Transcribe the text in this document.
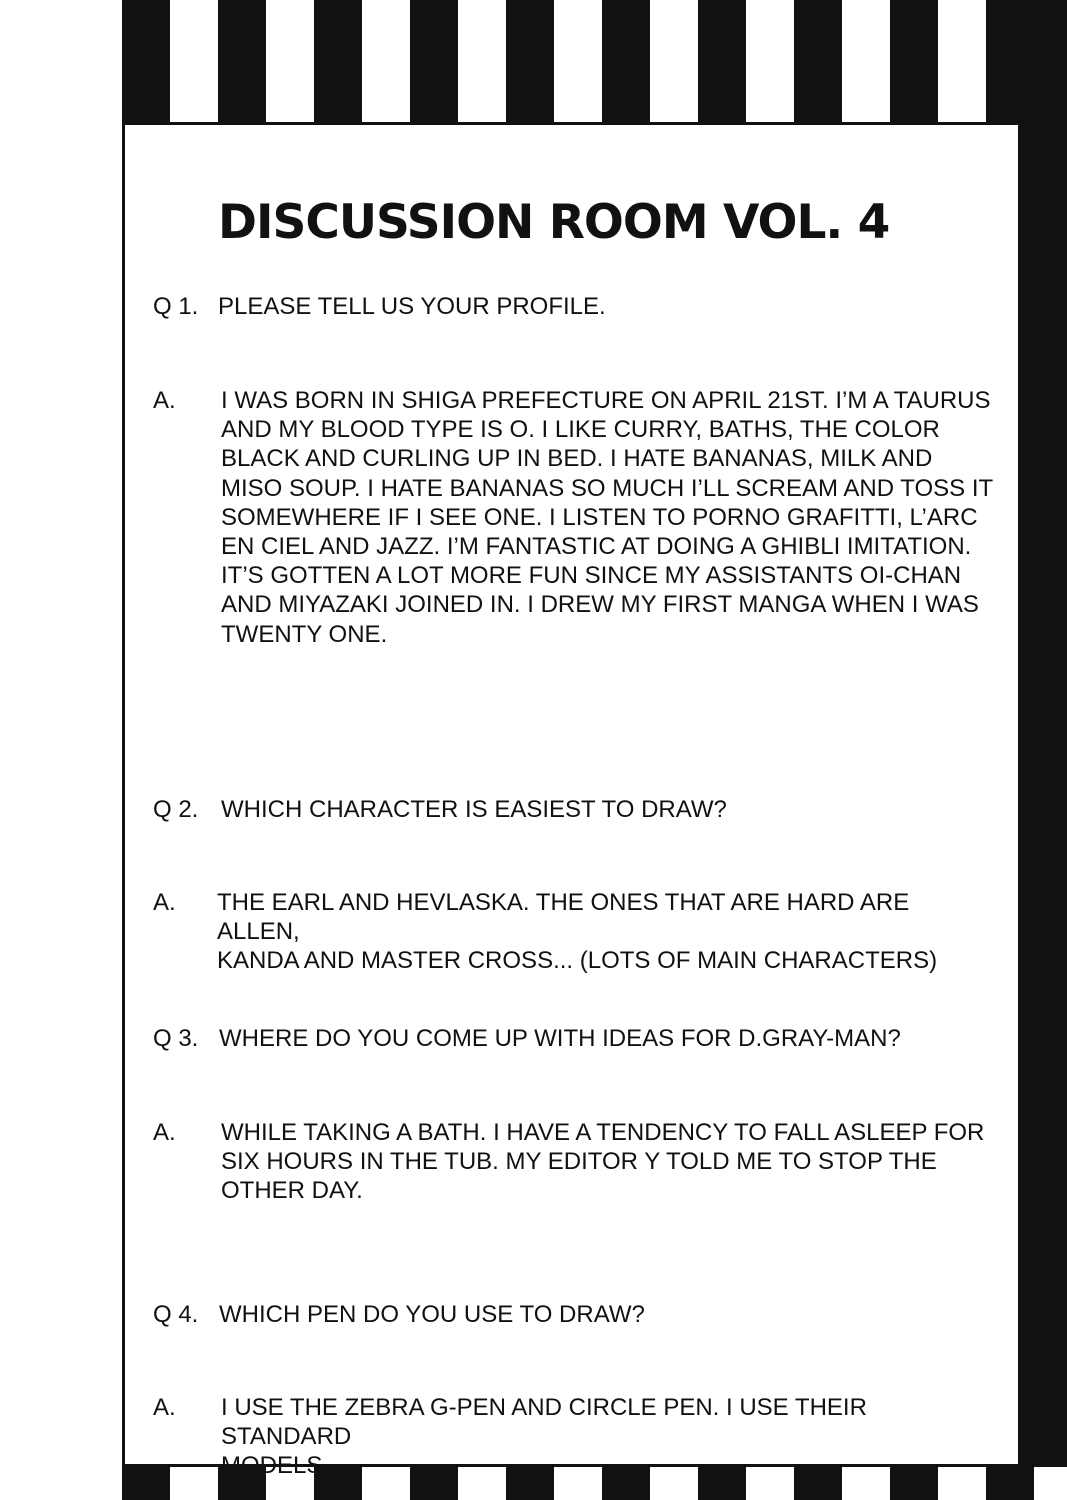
DISCUSSION ROOM VOL. 4
Q 1. PLEASE TELL US YOUR PROFILE.
A. I WAS BORN IN SHIGA PREFECTURE ON APRIL 21ST. I’M A TAURUS
AND MY BLOOD TYPE IS O. I LIKE CURRY, BATHS, THE COLOR
BLACK AND CURLING UP IN BED. I HATE BANANAS, MILK AND
MISO SOUP. I HATE BANANAS SO MUCH I’LL SCREAM AND TOSS IT
SOMEWHERE IF I SEE ONE. I LISTEN TO PORNO GRAFITTI, L’ARC
EN CIEL AND JAZZ. I’M FANTASTIC AT DOING A GHIBLI IMITATION.
IT’S GOTTEN A LOT MORE FUN SINCE MY ASSISTANTS OI-CHAN
AND MIYAZAKI JOINED IN. I DREW MY FIRST MANGA WHEN I WAS
TWENTY ONE.
Q 2. WHICH CHARACTER IS EASIEST TO DRAW?
A. THE EARL AND HEVLASKA. THE ONES THAT ARE HARD ARE ALLEN,
KANDA AND MASTER CROSS... (LOTS OF MAIN CHARACTERS)
Q 3. WHERE DO YOU COME UP WITH IDEAS FOR D.GRAY-MAN?
A. WHILE TAKING A BATH. I HAVE A TENDENCY TO FALL ASLEEP FOR
SIX HOURS IN THE TUB. MY EDITOR Y TOLD ME TO STOP THE
OTHER DAY.
Q 4. WHICH PEN DO YOU USE TO DRAW?
A. I USE THE ZEBRA G-PEN AND CIRCLE PEN. I USE THEIR STANDARD
MODELS.
